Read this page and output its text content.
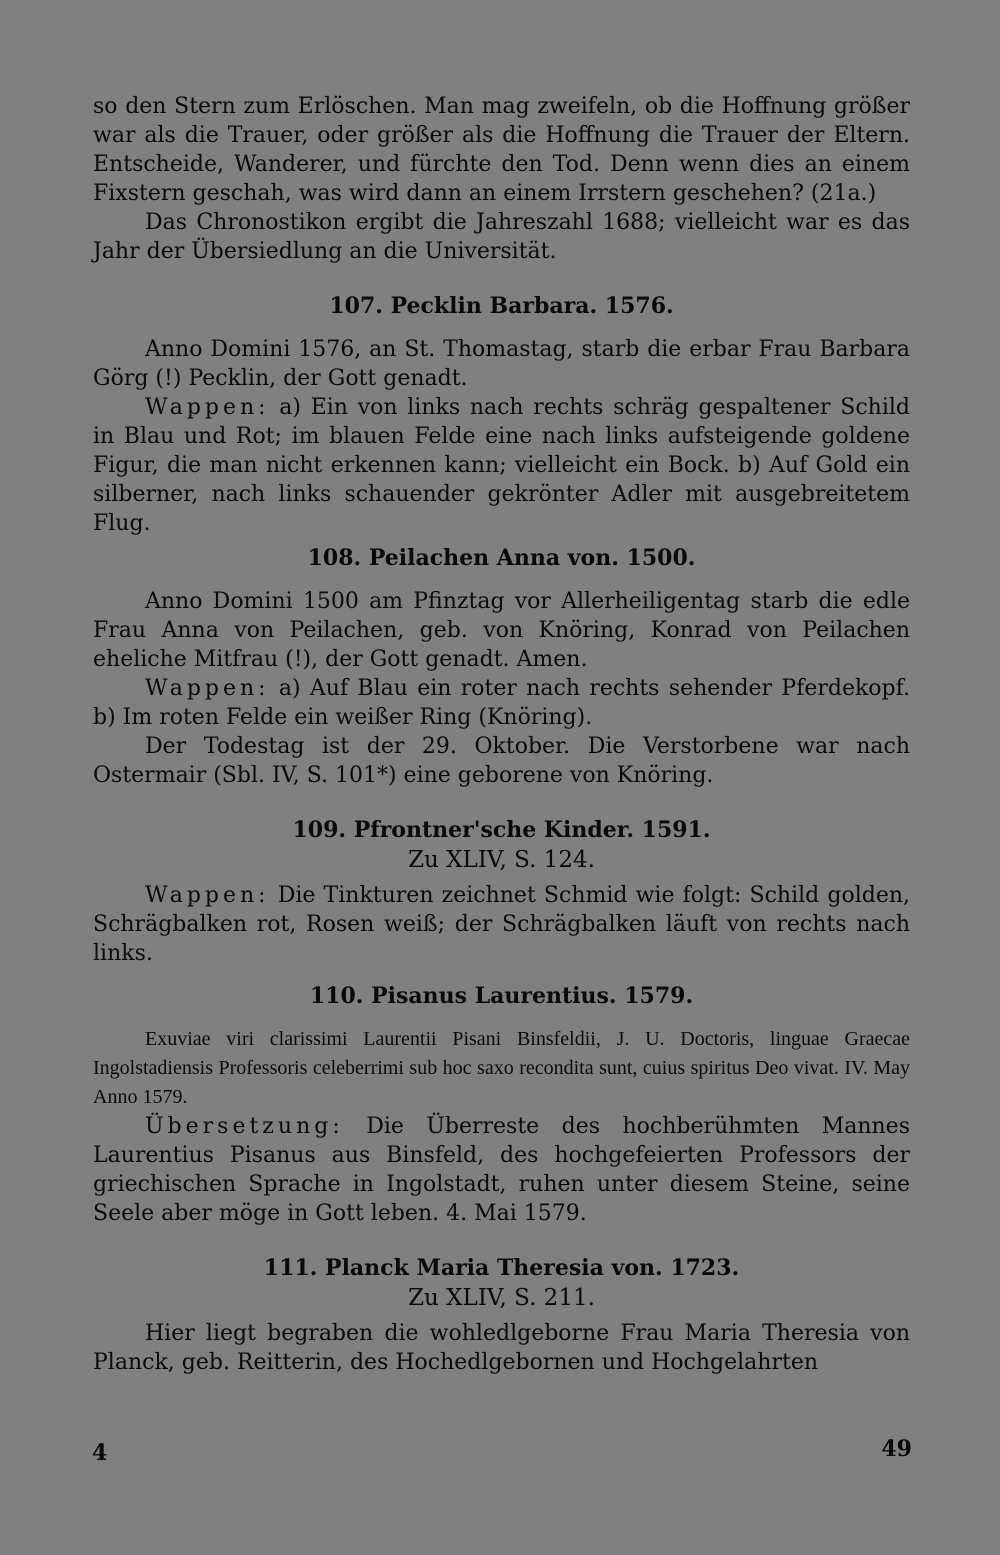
so den Stern zum Erlöschen. Man mag zweifeln, ob die Hoffnung größer war als die Trauer, oder größer als die Hoffnung die Trauer der Eltern. Entscheide, Wanderer, und fürchte den Tod. Denn wenn dies an einem Fixstern geschah, was wird dann an einem Irrstern geschehen? (21a.)

Das Chronostikon ergibt die Jahreszahl 1688; vielleicht war es das Jahr der Übersiedlung an die Universität.

107. Pecklin Barbara. 1576.

Anno Domini 1576, an St. Thomastag, starb die erbar Frau Barbara Görg (!) Pecklin, der Gott genadt.

Wappen: a) Ein von links nach rechts schräg gespaltener Schild in Blau und Rot; im blauen Felde eine nach links aufsteigende goldene Figur, die man nicht erkennen kann; vielleicht ein Bock. b) Auf Gold ein silberner, nach links schauender gekrönter Adler mit ausgebreitetem Flug.

108. Peilachen Anna von. 1500.

Anno Domini 1500 am Pfinztag vor Allerheiligentag starb die edle Frau Anna von Peilachen, geb. von Knöring, Konrad von Peilachen eheliche Mitfrau (!), der Gott genadt. Amen.

Wappen: a) Auf Blau ein roter nach rechts sehender Pferdekopf. b) Im roten Felde ein weißer Ring (Knöring).

Der Todestag ist der 29. Oktober. Die Verstorbene war nach Ostermair (Sbl. IV, S. 101*) eine geborene von Knöring.

109. Pfrontner'sche Kinder. 1591.

Zu XLIV, S. 124.

Wappen: Die Tinkturen zeichnet Schmid wie folgt: Schild golden, Schrägbalken rot, Rosen weiß; der Schrägbalken läuft von rechts nach links.

110. Pisanus Laurentius. 1579.

Exuviae viri clarissimi Laurentii Pisani Binsfeldii, J. U. Doctoris, linguae Graecae Ingolstadiensis Professoris celeberrimi sub hoc saxo recondita sunt, cuius spiritus Deo vivat. IV. May Anno 1579.

Übersetzung: Die Überreste des hochberühmten Mannes Laurentius Pisanus aus Binsfeld, des hochgefeierten Professors der griechischen Sprache in Ingolstadt, ruhen unter diesem Steine, seine Seele aber möge in Gott leben. 4. Mai 1579.

111. Planck Maria Theresia von. 1723.

Zu XLIV, S. 211.

Hier liegt begraben die wohledlgeborne Frau Maria Theresia von Planck, geb. Reitterin, des Hochedlgebornen und Hochgelahrten

4	49
